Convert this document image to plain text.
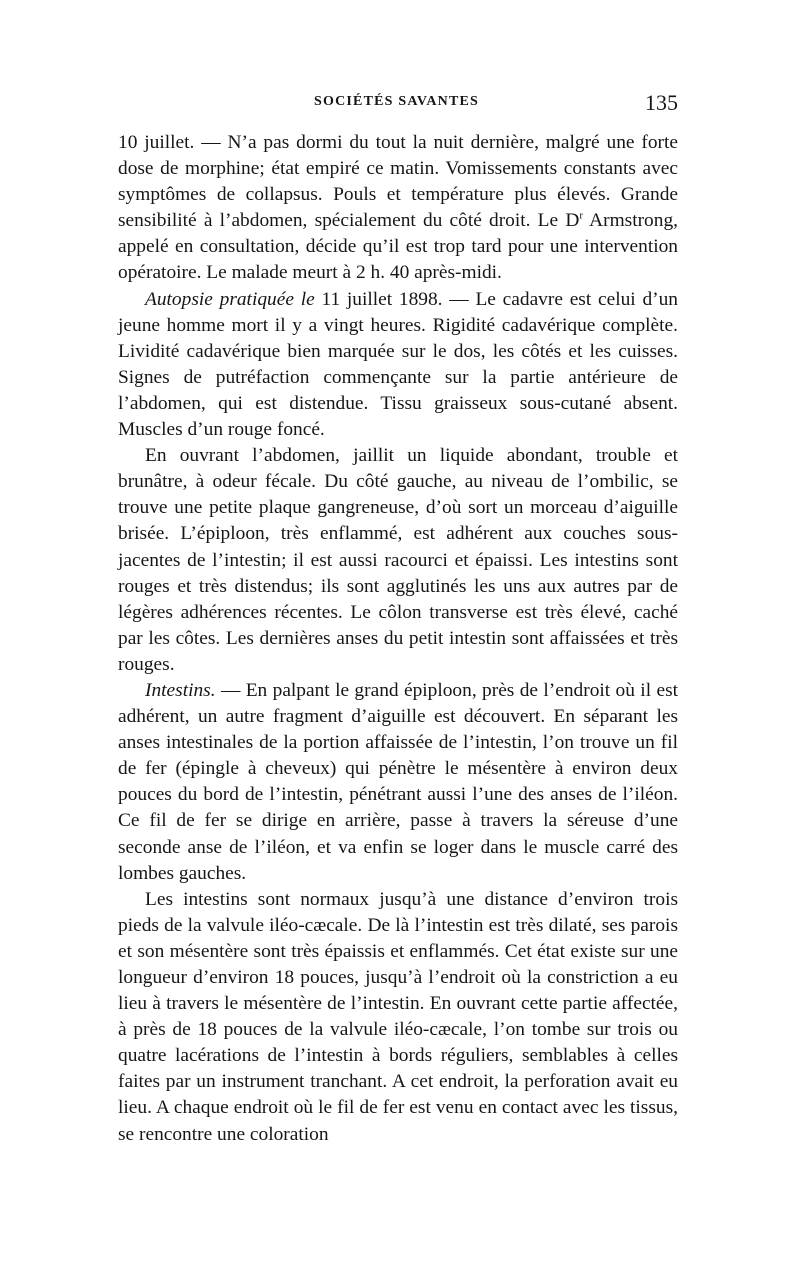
SOCIÉTÉS SAVANTES	135

10 juillet. — N’a pas dormi du tout la nuit dernière, malgré une forte dose de morphine; état empiré ce matin. Vomissements constants avec symptômes de collapsus. Pouls et température plus élevés. Grande sensibilité à l’abdomen, spécialement du côté droit. Le $D^r$ Armstrong, appelé en consultation, décide qu’il est trop tard pour une intervention opératoire. Le malade meurt à 2 h. 40 après-midi.

Autopsie pratiquée le 11 juillet 1898. — Le cadavre est celui d’un jeune homme mort il y a vingt heures. Rigidité cadavérique complète. Lividité cadavérique bien marquée sur le dos, les côtés et les cuisses. Signes de putréfaction commençante sur la partie antérieure de l’abdomen, qui est distendue. Tissu graisseux sous-cutané absent. Muscles d’un rouge foncé.

En ouvrant l’abdomen, jaillit un liquide abondant, trouble et brunâtre, à odeur fécale. Du côté gauche, au niveau de l’ombilic, se trouve une petite plaque gangreneuse, d’où sort un morceau d’aiguille brisée. L’épiploon, très enflammé, est adhérent aux couches sous-jacentes de l’intestin; il est aussi racourci et épaissi. Les intestins sont rouges et très distendus; ils sont agglutinés les uns aux autres par de légères adhérences récentes. Le côlon transverse est très élevé, caché par les côtes. Les dernières anses du petit intestin sont affaissées et très rouges.

Intestins. — En palpant le grand épiploon, près de l’endroit où il est adhérent, un autre fragment d’aiguille est découvert. En séparant les anses intestinales de la portion affaissée de l’intestin, l’on trouve un fil de fer (épingle à cheveux) qui pénètre le mésentère à environ deux pouces du bord de l’intestin, pénétrant aussi l’une des anses de l’iléon. Ce fil de fer se dirige en arrière, passe à travers la séreuse d’une seconde anse de l’iléon, et va enfin se loger dans le muscle carré des lombes gauches.

Les intestins sont normaux jusqu’à une distance d’environ trois pieds de la valvule iléo-cæcale. De là l’intestin est très dilaté, ses parois et son mésentère sont très épaissis et enflammés. Cet état existe sur une longueur d’environ 18 pouces, jusqu’à l’endroit où la constriction a eu lieu à travers le mésentère de l’intestin. En ouvrant cette partie affectée, à près de 18 pouces de la valvule iléo-cæcale, l’on tombe sur trois ou quatre lacérations de l’intestin à bords réguliers, semblables à celles faites par un instrument tranchant. A cet endroit, la perforation avait eu lieu. A chaque endroit où le fil de fer est venu en contact avec les tissus, se rencontre une coloration
